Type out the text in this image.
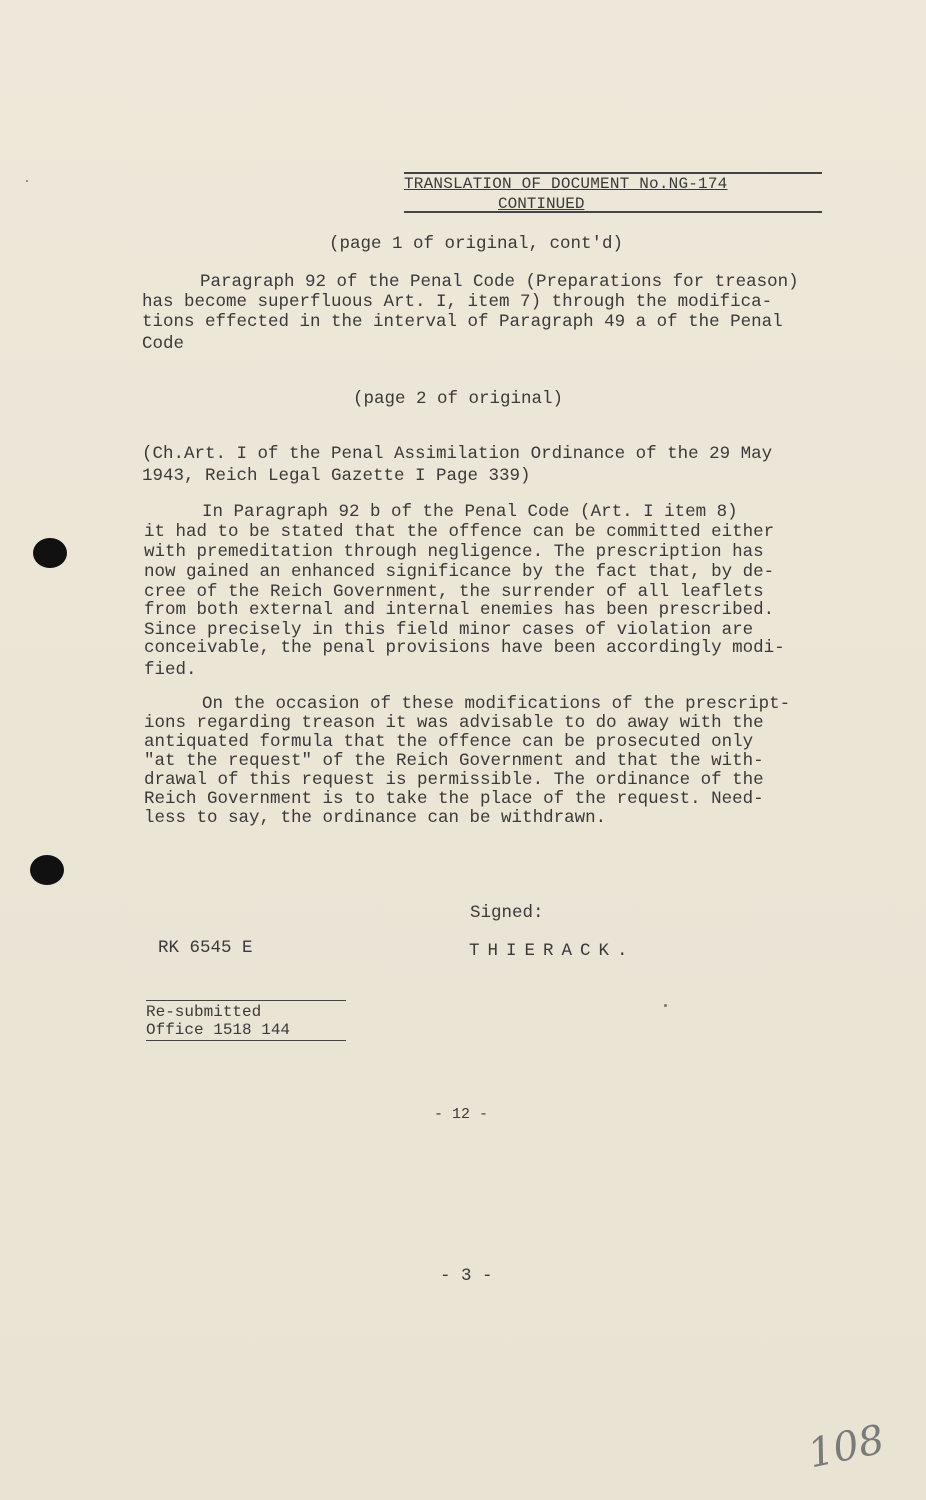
TRANSLATION OF DOCUMENT No.NG-174
CONTINUED
(page 1 of original, cont'd)
Paragraph 92 of the Penal Code (Preparations for treason)
has become superfluous Art. I, item 7) through the modifica-
tions effected in the interval of Paragraph 49 a of the Penal
Code
(page 2 of original)
(Ch.Art. I of the Penal Assimilation Ordinance of the 29 May
1943, Reich Legal Gazette I Page 339)
In Paragraph 92 b of the Penal Code (Art. I item 8)
it had to be stated that the offence can be committed either
with premeditation through negligence. The prescription has
now gained an enhanced significance by the fact that, by de-
cree of the Reich Government, the surrender of all leaflets
from both external and internal enemies has been prescribed.
Since precisely in this field minor cases of violation are
conceivable, the penal provisions have been accordingly modi-
fied.
On the occasion of these modifications of the prescript-
ions regarding treason it was advisable to do away with the
antiquated formula that the offence can be prosecuted only
"at the request" of the Reich Government and that the with-
drawal of this request is permissible. The ordinance of the
Reich Government is to take the place of the request. Need-
less to say, the ordinance can be withdrawn.
Signed:
RK 6545 E	THIERACK.
Re-submitted
Office 1518 144
- 12 -
- 3 -
108
